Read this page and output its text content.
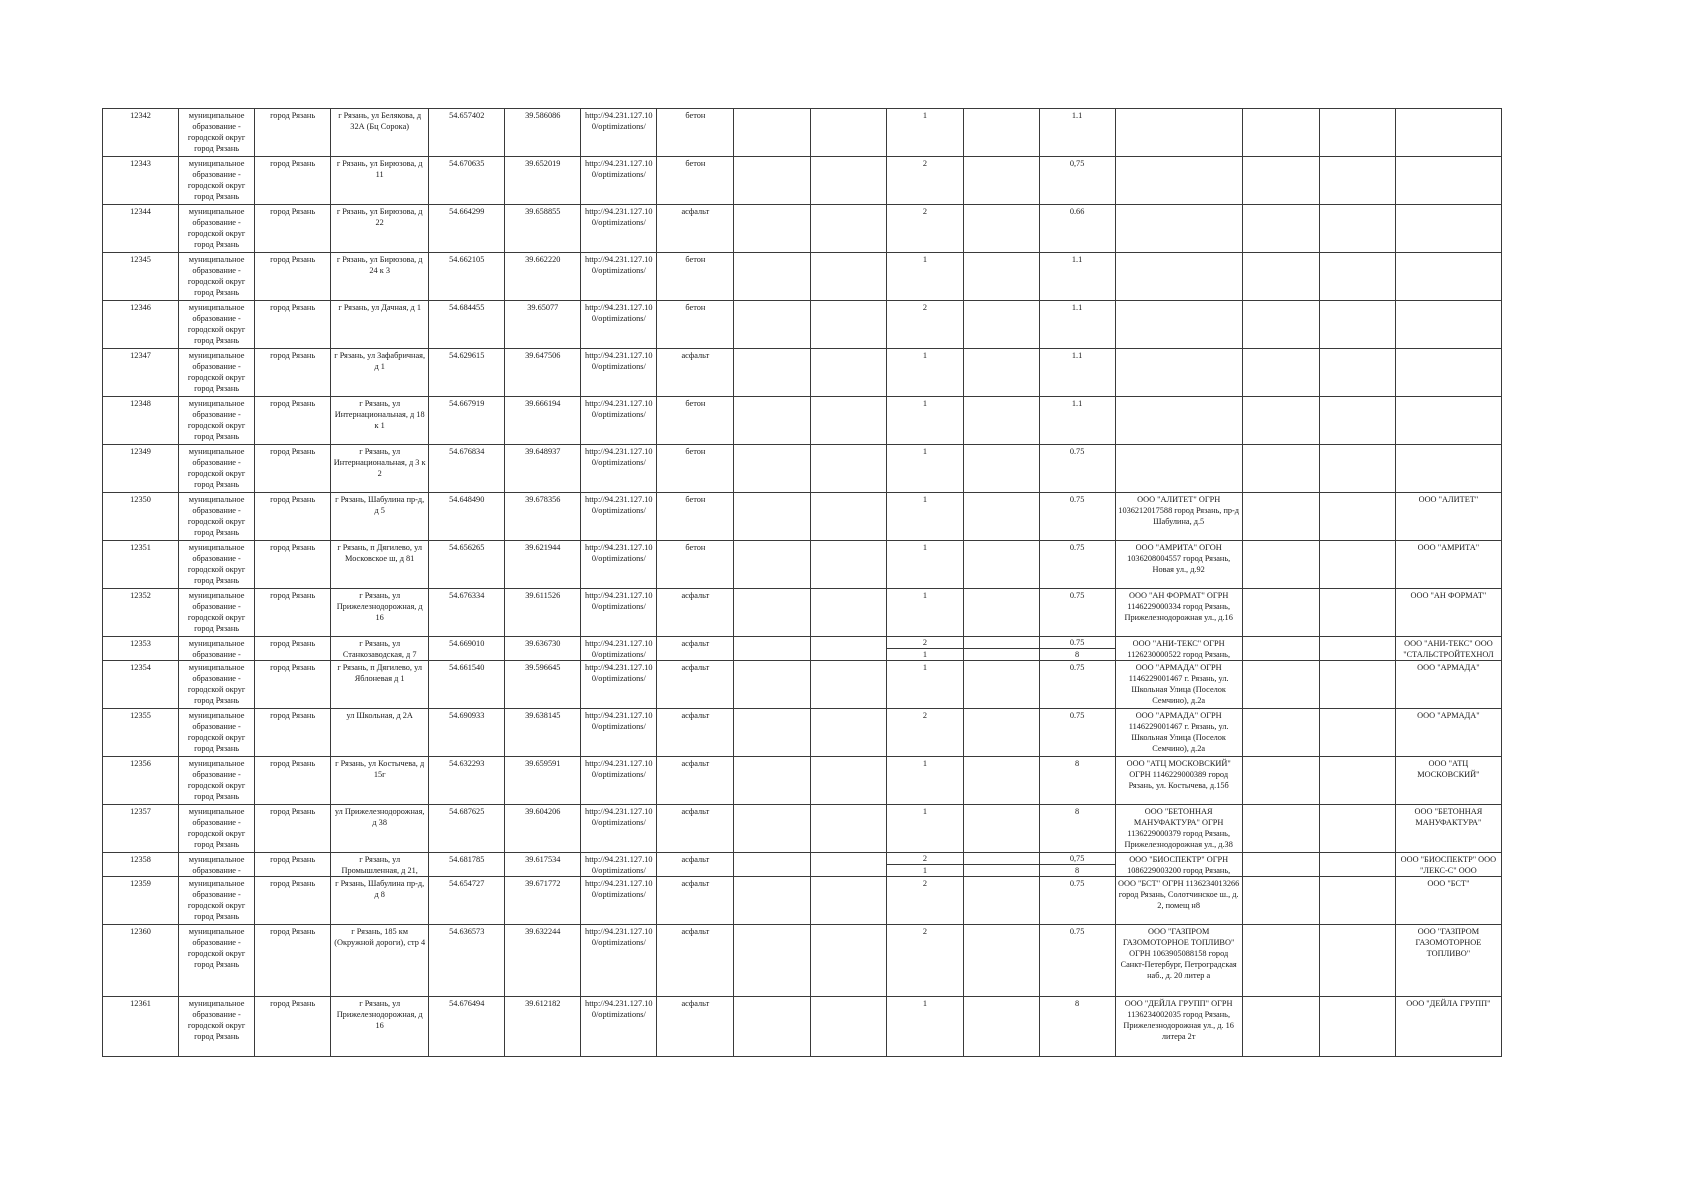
12342	муниципальное образование - городской округ город Рязань	город Рязань	г Рязань, ул Белякова, д 32А (Бц Сорока)	54.657402	39.586086	http://94.231.127.100/optimizations/	бетон			1		1.1				
12343	муниципальное образование - городской округ город Рязань	город Рязань	г Рязань, ул Бирюзова, д 11	54.670635	39.652019	http://94.231.127.100/optimizations/	бетон			2		0,75				
12344	муниципальное образование - городской округ город Рязань	город Рязань	г Рязань, ул Бирюзова, д 22	54.664299	39.658855	http://94.231.127.100/optimizations/	асфальт			2		0.66				
12345	муниципальное образование - городской округ город Рязань	город Рязань	г Рязань, ул Бирюзова, д 24 к 3	54.662105	39.662220	http://94.231.127.100/optimizations/	бетон			1		1.1				
12346	муниципальное образование - городской округ город Рязань	город Рязань	г Рязань, ул Дачная, д 1	54.684455	39.65077	http://94.231.127.100/optimizations/	бетон			2		1.1				
12347	муниципальное образование - городской округ город Рязань	город Рязань	г Рязань, ул Зафабричная, д 1	54.629615	39.647506	http://94.231.127.100/optimizations/	асфальт			1		1.1				
12348	муниципальное образование - городской округ город Рязань	город Рязань	г Рязань, ул Интернациональная, д 18 к 1	54.667919	39.666194	http://94.231.127.100/optimizations/	бетон			1		1.1				
12349	муниципальное образование - городской округ город Рязань	город Рязань	г Рязань, ул Интернациональная, д 3 к 2	54.676834	39.648937	http://94.231.127.100/optimizations/	бетон			1		0.75				
12350	муниципальное образование - городской округ город Рязань	город Рязань	г Рязань, Шабулина пр-д, д 5	54.648490	39.678356	http://94.231.127.100/optimizations/	бетон			1		0.75	ООО "АЛИТЕТ" ОГРН 1036212017588 город Рязань, пр-д Шабулина, д.5			ООО "АЛИТЕТ"
12351	муниципальное образование - городской округ город Рязань	город Рязань	г Рязань, п Дягилево, ул Московское ш, д 81	54.656265	39.621944	http://94.231.127.100/optimizations/	бетон			1		0.75	ООО "АМРИТА" ОГОН 1036208004557 город Рязань, Новая ул., д.92			ООО "АМРИТА"
12352	муниципальное образование - городской округ город Рязань	город Рязань	г Рязань, ул Прижелезнодорожная, д 16	54.676334	39.611526	http://94.231.127.100/optimizations/	асфальт			1		0.75	ООО "АН ФОРМАТ" ОГРН 1146229000334 город Рязань, Прижелезнодорожная ул., д.16			ООО "АН ФОРМАТ"
12353	муниципальное образование -	город Рязань	г Рязань, ул Станкозаводская, д 7	54.669010	39.636730	http://94.231.127.100/optimizations/	асфальт			2		0.75	ООО "АНИ-ТЕКС" ОГРН 1126230000522 город Рязань,			ООО "АНИ-ТЕКС" ООО "СТАЛЬСТРОЙТЕХНОЛ
										1		8				
12354	муниципальное образование - городской округ город Рязань	город Рязань	г Рязань, п Дягилево, ул Яблоневая д 1	54.661540	39.596645	http://94.231.127.100/optimizations/	асфальт			1		0.75	ООО "АРМАДА" ОГРН 1146229001467 г. Рязань, ул. Школьная Улица (Поселок Семчино), д.2а			ООО "АРМАДА"
12355	муниципальное образование - городской округ город Рязань	город Рязань	ул Школьная, д 2А	54.690933	39.638145	http://94.231.127.100/optimizations/	асфальт			2		0.75	ООО "АРМАДА" ОГРН 1146229001467 г. Рязань, ул. Школьная Улица (Поселок Семчино), д.2а			ООО "АРМАДА"
12356	муниципальное образование - городской округ город Рязань	город Рязань	г Рязань, ул Костычева, д 15г	54.632293	39.659591	http://94.231.127.100/optimizations/	асфальт			1		8	ООО "АТЦ МОСКОВСКИЙ" ОГРН 1146229000389 город Рязань, ул. Костычева, д.15б			ООО "АТЦ МОСКОВСКИЙ"
12357	муниципальное образование - городской округ город Рязань	город Рязань	ул Прижелезнодорожная, д 38	54.687625	39.604206	http://94.231.127.100/optimizations/	асфальт			1		8	ООО "БЕТОННАЯ МАНУФАКТУРА" ОГРН 1136229000379 город Рязань, Прижелезнодорожная ул., д.38			ООО "БЕТОННАЯ МАНУФАКТУРА"
12358	муниципальное образование -	город Рязань	г Рязань, ул Промышленная, д 21,	54.681785	39.617534	http://94.231.127.100/optimizations/	асфальт			2		0,75	ООО "БИОСПЕКТР" ОГРН 1086229003200 город Рязань,			ООО "БИОСПЕКТР" ООО "ЛЕКС-С" ООО
										1		8				
12359	муниципальное образование - городской округ город Рязань	город Рязань	г Рязань, Шабулина пр-д, д 8	54.654727	39.671772	http://94.231.127.100/optimizations/	асфальт			2		0.75	ООО "БСТ" ОГРН 1136234013266 город Рязань, Солотчинское ш., д. 2, помещ н8			ООО "БСТ"
12360	муниципальное образование - городской округ город Рязань	город Рязань	г Рязань, 185 км (Окружной дороги), стр 4	54.636573	39.632244	http://94.231.127.100/optimizations/	асфальт			2		0.75	ООО "ГАЗПРОМ ГАЗОМОТОРНОЕ ТОПЛИВО" ОГРН 1063905088158 город Санкт-Петербург, Петроградская наб., д. 20 литер а			ООО "ГАЗПРОМ ГАЗОМОТОРНОЕ ТОПЛИВО"
12361	муниципальное образование - городской округ город Рязань	город Рязань	г Рязань, ул Прижелезнодорожная, д 16	54.676494	39.612182	http://94.231.127.100/optimizations/	асфальт			1		8	ООО "ДЕЙЛА ГРУПП" ОГРН 1136234002035 город Рязань, Прижелезнодорожная ул., д. 16 литера 2т			ООО "ДЕЙЛА ГРУПП"
